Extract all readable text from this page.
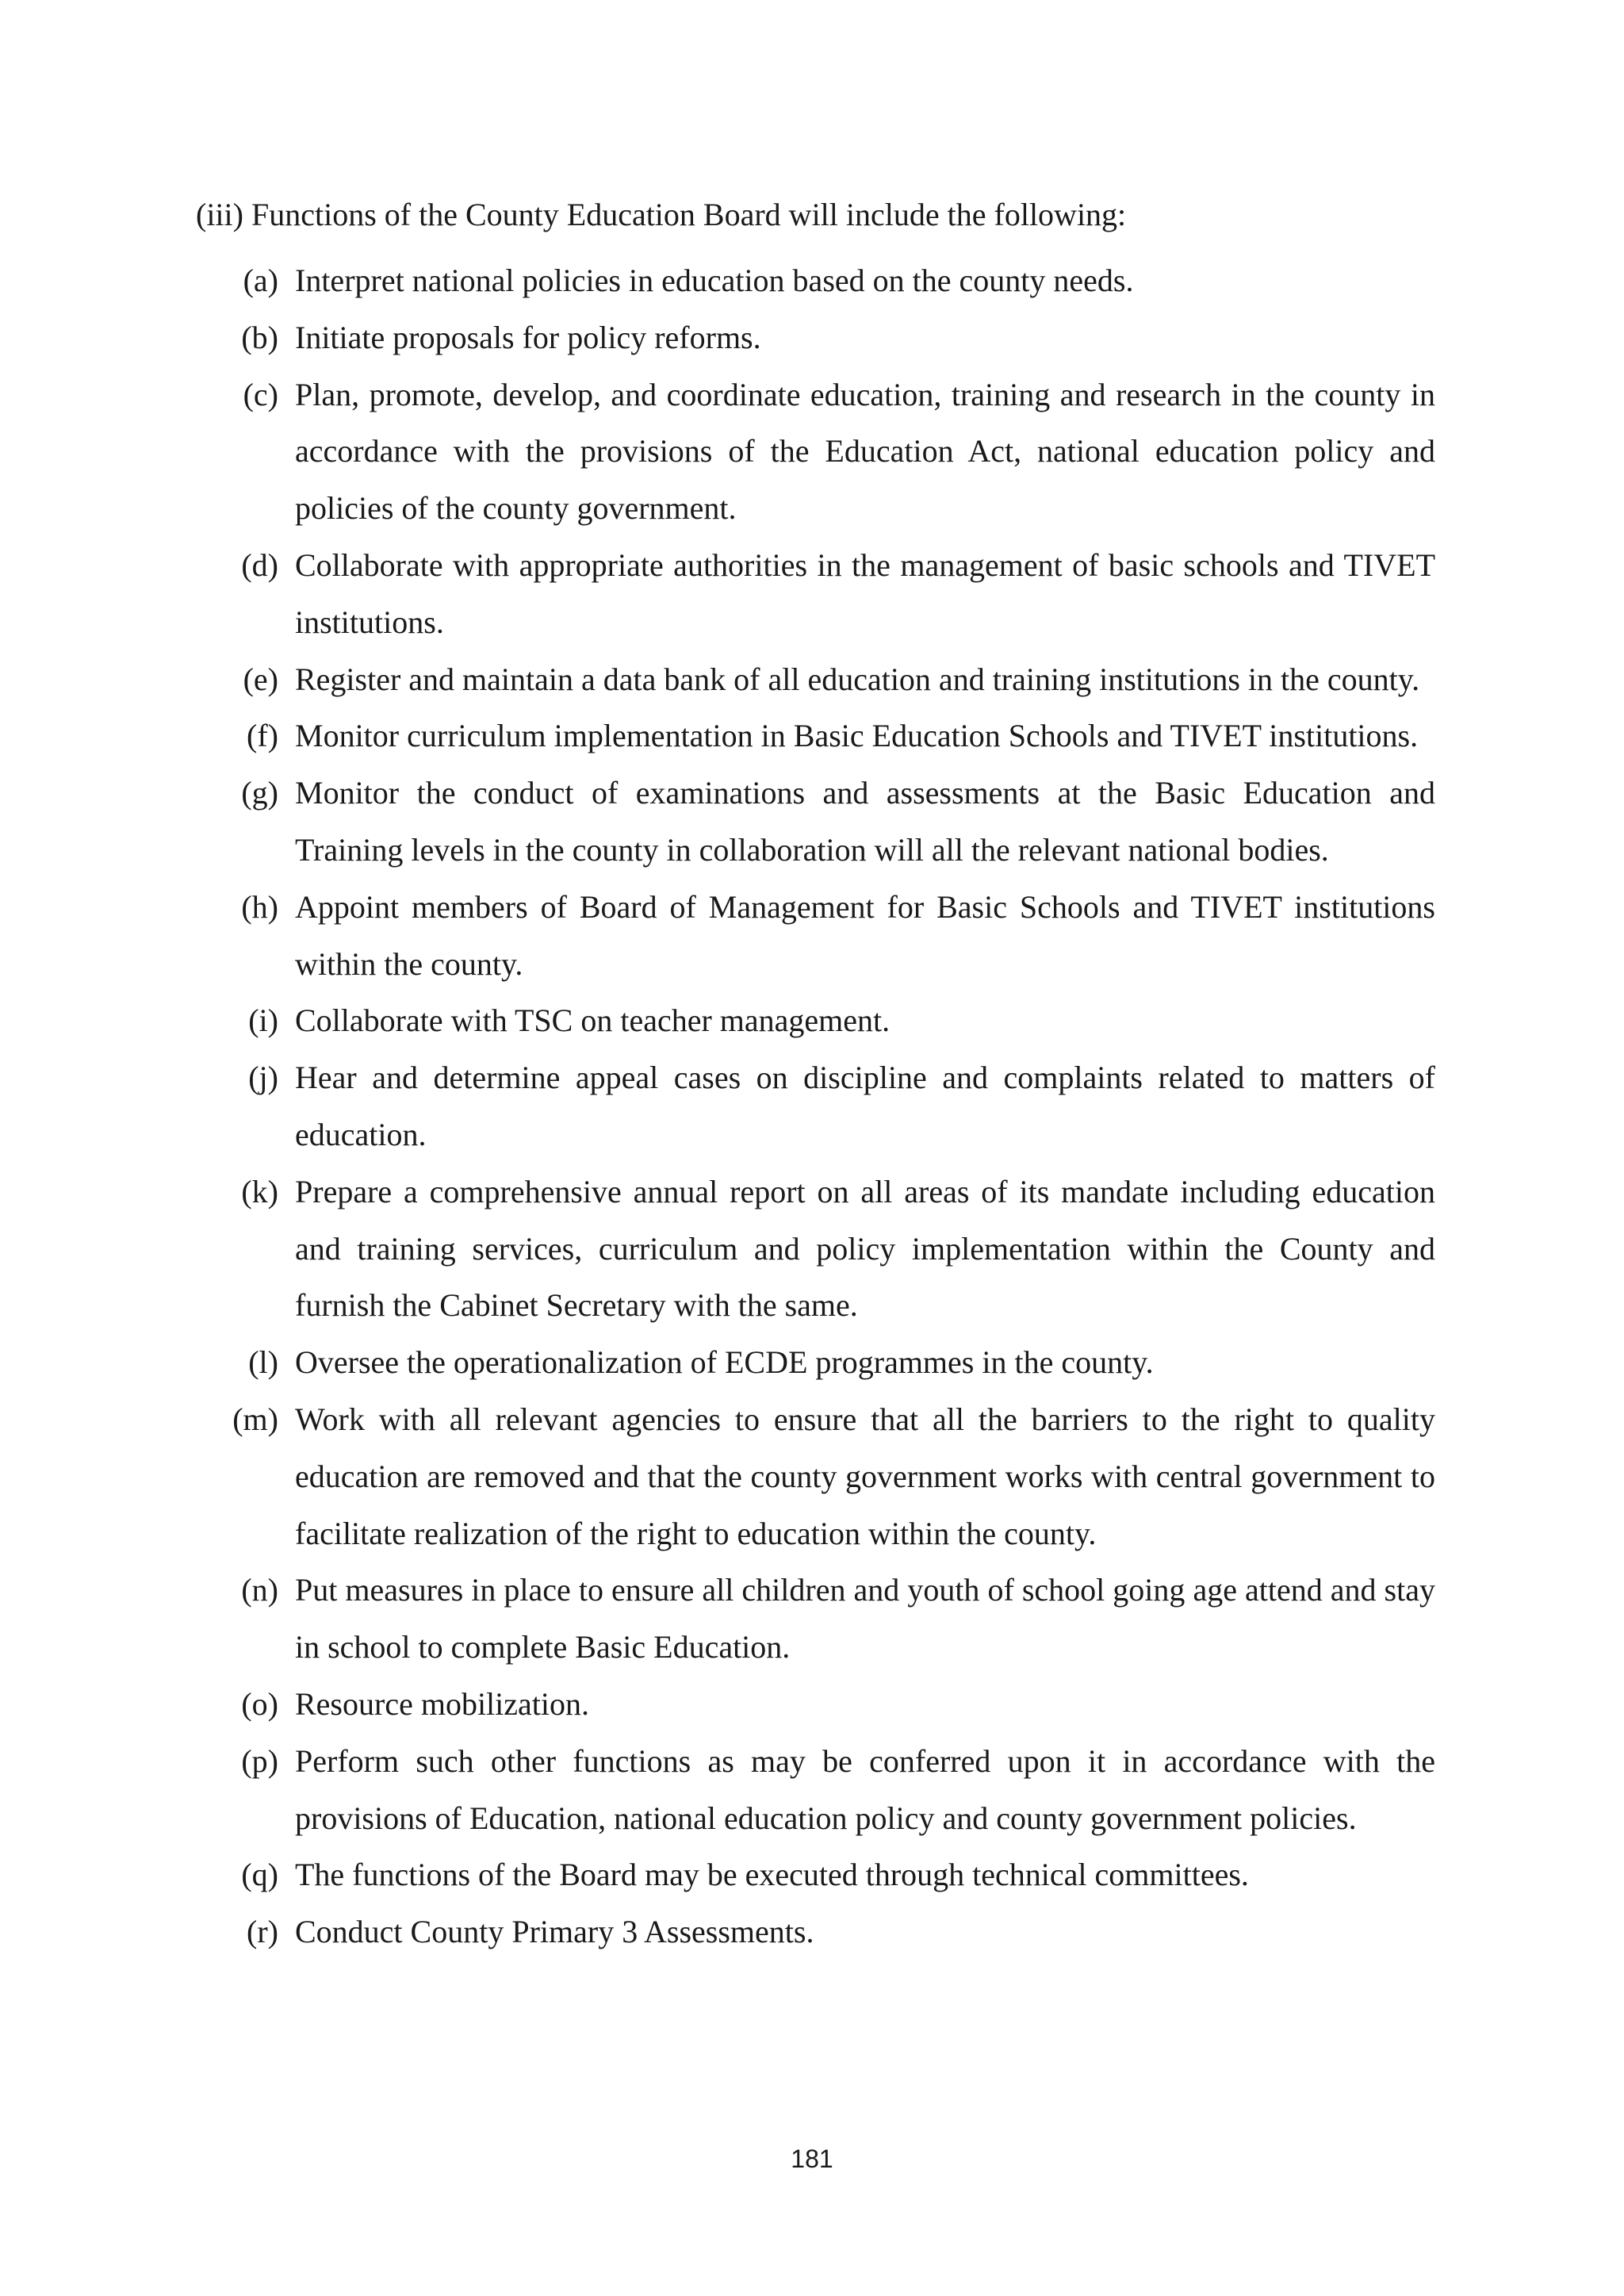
(iii) Functions of the County Education Board will include the following:
(a) Interpret national policies in education based on the county needs.
(b) Initiate proposals for policy reforms.
(c) Plan, promote, develop, and coordinate education, training and research in the county in accordance with the provisions of the Education Act, national education policy and policies of the county government.
(d) Collaborate with appropriate authorities in the management of basic schools and TIVET institutions.
(e) Register and maintain a data bank of all education and training institutions in the county.
(f) Monitor curriculum implementation in Basic Education Schools and TIVET institutions.
(g) Monitor the conduct of examinations and assessments at the Basic Education and Training levels in the county in collaboration will all the relevant national bodies.
(h) Appoint members of Board of Management for Basic Schools and TIVET institutions within the county.
(i) Collaborate with TSC on teacher management.
(j) Hear and determine appeal cases on discipline and complaints related to matters of education.
(k) Prepare a comprehensive annual report on all areas of its mandate including education and training services, curriculum and policy implementation within the County and furnish the Cabinet Secretary with the same.
(l) Oversee the operationalization of ECDE programmes in the county.
(m) Work with all relevant agencies to ensure that all the barriers to the right to quality education are removed and that the county government works with central government to facilitate realization of the right to education within the county.
(n) Put measures in place to ensure all children and youth of school going age attend and stay in school to complete Basic Education.
(o) Resource mobilization.
(p) Perform such other functions as may be conferred upon it in accordance with the provisions of Education, national education policy and county government policies.
(q) The functions of the Board may be executed through technical committees.
(r) Conduct County Primary 3 Assessments.
181
